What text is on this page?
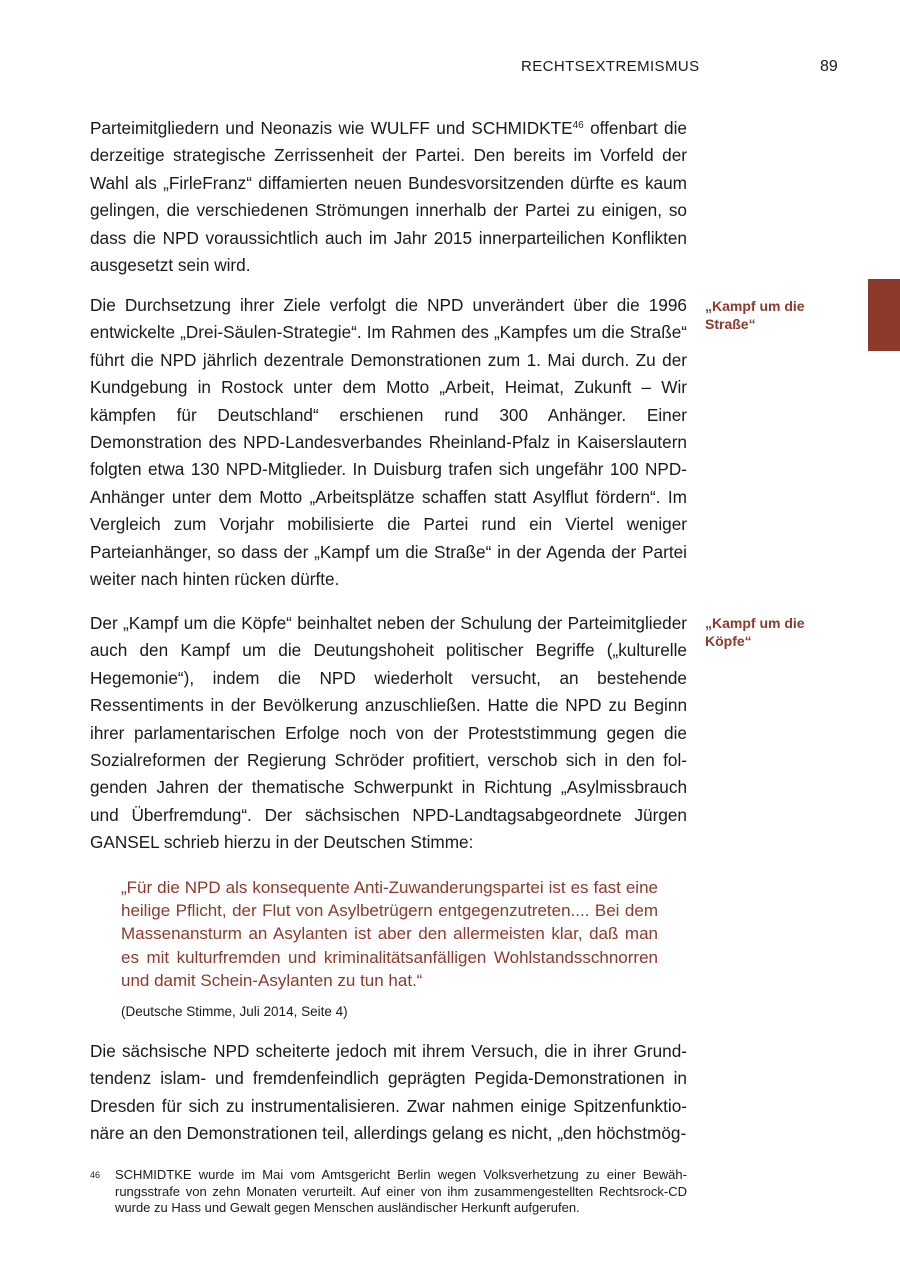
RECHTSEXTREMISMUS	89

Parteimitgliedern und Neonazis wie WULFF und SCHMIDKTE$^{46}$ offenbart die derzeitige strategische Zerrissenheit der Partei. Den bereits im Vorfeld der Wahl als „FirleFranz“ diffamierten neuen Bundesvorsitzenden dürfte es kaum gelingen, die verschiedenen Strömungen innerhalb der Partei zu einigen, so dass die NPD voraussichtlich auch im Jahr 2015 innerparteilichen Konflikten ausgesetzt sein wird.

Die Durchsetzung ihrer Ziele verfolgt die NPD unverändert über die 1996 entwickelte „Drei-Säulen-Strategie“. Im Rahmen des „Kampfes um die Straße“ führt die NPD jährlich dezentrale Demonstrationen zum 1. Mai durch. Zu der Kundgebung in Rostock unter dem Motto „Arbeit, Heimat, Zukunft – Wir kämpfen für Deutschland“ erschienen rund 300 Anhänger. Einer Demonstration des NPD-Landesverbandes Rheinland-Pfalz in Kaiserslautern folgten etwa 130 NPD-Mitglieder. In Duisburg trafen sich ungefähr 100 NPD-Anhänger unter dem Motto „Arbeitsplätze schaffen statt Asylflut fördern“. Im Vergleich zum Vorjahr mobilisierte die Partei rund ein Viertel weniger Parteianhänger, so dass der „Kampf um die Straße“ in der Agenda der Partei weiter nach hinten rücken dürfte.

Der „Kampf um die Köpfe“ beinhaltet neben der Schulung der Parteimitglieder auch den Kampf um die Deutungshoheit politischer Begriffe („kulturelle Hegemonie“), indem die NPD wiederholt versucht, an bestehende Ressentiments in der Bevölkerung anzuschließen. Hatte die NPD zu Beginn ihrer parlamentarischen Erfolge noch von der Proteststimmung gegen die Sozialreformen der Regierung Schröder profitiert, verschob sich in den folgenden Jahren der thematische Schwerpunkt in Richtung „Asylmissbrauch und Überfremdung“. Der sächsischen NPD-Landtagsabgeordnete Jürgen GANSEL schrieb hierzu in der Deutschen Stimme:

„Für die NPD als konsequente Anti-Zuwanderungspartei ist es fast eine heilige Pflicht, der Flut von Asylbetrügern entgegenzutreten.... Bei dem Massenansturm an Asylanten ist aber den allermeisten klar, daß man es mit kulturfremden und kriminalitätsanfälligen Wohlstandsschnorren und damit Schein-Asylanten zu tun hat.“

(Deutsche Stimme, Juli 2014, Seite 4)

Die sächsische NPD scheiterte jedoch mit ihrem Versuch, die in ihrer Grundtendenz islam- und fremdenfeindlich geprägten Pegida-Demonstrationen in Dresden für sich zu instrumentalisieren. Zwar nahmen einige Spitzenfunktionäre an den Demonstrationen teil, allerdings gelang es nicht, „den höchstmög-

„Kampf um die
Straße“
„Kampf um die
Köpfe“
46 SCHMIDTKE wurde im Mai vom Amtsgericht Berlin wegen Volksverhetzung zu einer Bewährungsstrafe von zehn Monaten verurteilt. Auf einer von ihm zusammengestellten Rechtsrock-CD wurde zu Hass und Gewalt gegen Menschen ausländischer Herkunft aufgerufen.
